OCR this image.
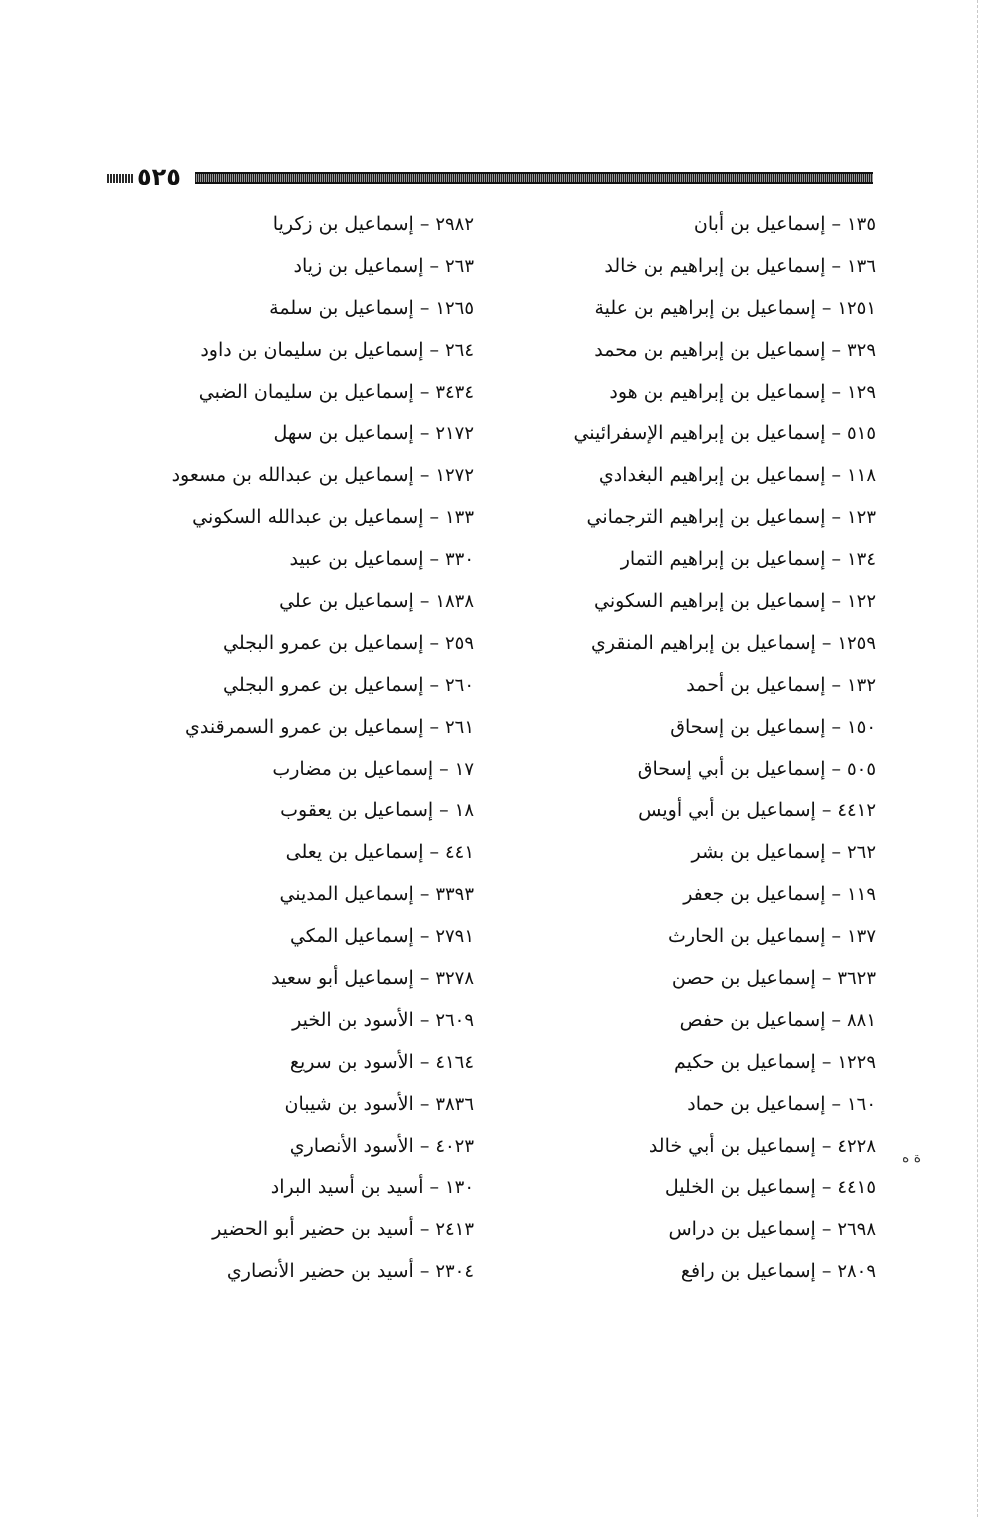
٥٢٥
١٣٥–إسماعيل بن أبان
١٣٦–إسماعيل بن إبراهيم بن خالد
١٢٥١–إسماعيل بن إبراهيم بن علية
٣٢٩–إسماعيل بن إبراهيم بن محمد
١٢٩–إسماعيل بن إبراهيم بن هود
٥١٥–إسماعيل بن إبراهيم الإسفرائيني
١١٨–إسماعيل بن إبراهيم البغدادي
١٢٣–إسماعيل بن إبراهيم الترجماني
١٣٤–إسماعيل بن إبراهيم التمار
١٢٢–إسماعيل بن إبراهيم السكوني
١٢٥٩–إسماعيل بن إبراهيم المنقري
١٣٢–إسماعيل بن أحمد
١٥٠–إسماعيل بن إسحاق
٥٠٥–إسماعيل بن أبي إسحاق
٤٤١٢–إسماعيل بن أبي أويس
٢٦٢–إسماعيل بن بشر
١١٩–إسماعيل بن جعفر
١٣٧–إسماعيل بن الحارث
٣٦٢٣–إسماعيل بن حصن
٨٨١–إسماعيل بن حفص
١٢٢٩–إسماعيل بن حكيم
١٦٠–إسماعيل بن حماد
٤٢٢٨–إسماعيل بن أبي خالد
٤٤١٥–إسماعيل بن الخليل
٢٦٩٨–إسماعيل بن دراس
٢٨٠٩–إسماعيل بن رافع
٢٩٨٢–إسماعيل بن زكريا
٢٦٣–إسماعيل بن زياد
١٢٦٥–إسماعيل بن سلمة
٢٦٤–إسماعيل بن سليمان بن داود
٣٤٣٤–إسماعيل بن سليمان الضبي
٢١٧٢–إسماعيل بن سهل
١٢٧٢–إسماعيل بن عبدالله بن مسعود
١٣٣–إسماعيل بن عبدالله السكوني
٣٣٠–إسماعيل بن عبيد
١٨٣٨–إسماعيل بن علي
٢٥٩–إسماعيل بن عمرو البجلي
٢٦٠–إسماعيل بن عمرو البجلي
٢٦١–إسماعيل بن عمرو السمرقندي
١٧–إسماعيل بن مضارب
١٨–إسماعيل بن يعقوب
٤٤١–إسماعيل بن يعلى
٣٣٩٣–إسماعيل المديني
٢٧٩١–إسماعيل المكي
٣٢٧٨–إسماعيل أبو سعيد
٢٦٠٩–الأسود بن الخير
٤١٦٤–الأسود بن سريع
٣٨٣٦–الأسود بن شيبان
٤٠٢٣–الأسود الأنصاري
١٣٠–أسيد بن أسيد البراد
٢٤١٣–أسيد بن حضير أبو الحضير
٢٣٠٤–أسيد بن حضير الأنصاري
ة ه
